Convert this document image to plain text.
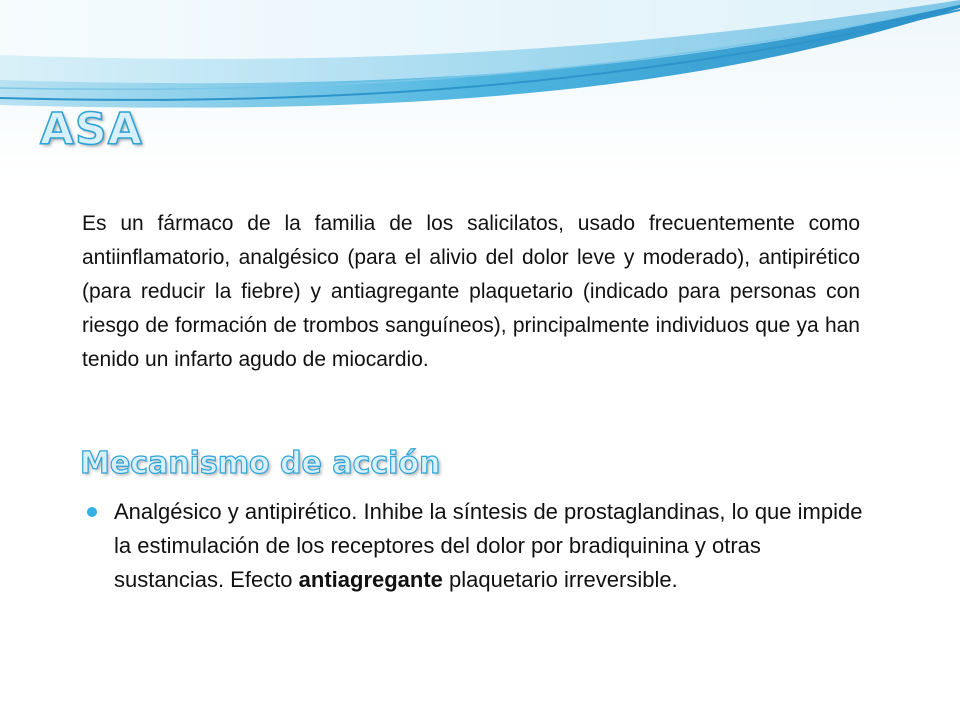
ASA

Es un fármaco de la familia de los salicilatos, usado frecuentemente como antiinflamatorio, analgésico (para el alivio del dolor leve y moderado), antipirético (para reducir la fiebre) y antiagregante plaquetario (indicado para personas con riesgo de formación de trombos sanguíneos), principalmente individuos que ya han tenido un infarto agudo de miocardio.

Mecanismo de acción
Analgésico y antipirético. Inhibe la síntesis de prostaglandinas, lo que impide la estimulación de los receptores del dolor por bradiquinina y otras sustancias. Efecto antiagregante plaquetario irreversible.
